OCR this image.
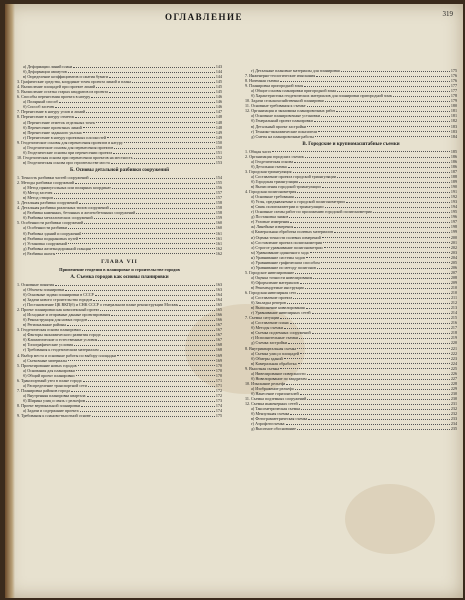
319
ОГЛАВЛЕНИЕ
а) Деформации линий плана	143
б) Деформации азимутов	144
в) Определение коэффициентов и сжатия бумаги	144
3. Графические средства, координат точек проекта линий и плана	145
4. Вычисление площадей при проекте линий	145
5. Вычисление остатка старых квадратов из проекта	145
6. Способы перенесения проекта в натуру	146
а) Полярный способ	146
б) Способ засечек	146
7. Перенесение в натуру углов и линий	147
8. Перенесение в натуру отметок	148
а) Перенесение отметок отдельных точек	148
б) Перенесение проектных линий	148
в) Перенесение заданного уклона	149
г) Перенесение в натуру проектных плоскостей	149
9. Геодезические основы для перенесения проектов в натуру	150
а) Геодезические основы для перенесения проектов	150
б) Геодезические основы при перенесении проекта	151
10. Геодезическая основа при перенесении проектов на местность	152
в) Геодезическая основа при строительстве моста	153
Б. Основы детальной разбивки сооружений
1. Точность разбивки частей сооружений	154
2. Методы разбивки сооружений	155
а) Метод прямоугольных или полярных координат	156
б) Метод засечек	157
в) Метод створов	157
3. Детальная разбивка сооружений	158
4. Детальная разбивка различных типов сооружений	158
а) Разбивка каменных, бетонных и железобетонных сооружений	158
б) Разбивка металлических сооружений	159
5. Особенности разбивки сооружений	160
а) Особенности разбивки	160
б) Разбивка зданий и сооружений	161
в) Разбивка подкрановых путей	161
г) Установка сооружений	161
д) Разбивка железнодорожной станции	162
е) Разбивка шахты	162
ГЛАВА VII
Применение геодезии в планировке и строительстве городов
А. Съемка городов как основы планировки
1. Основные понятия	163
а) Объекты планировки	163
б) Основные задачи планировки в СССР	164
в) Задачи нового строительства городов	164
г) Постановление ЦК ВКП(б) и СНК СССР о генеральном плане реконструкции Москвы	165
2. Проект планировки как комплексный проект	165
а) Исходные и отправные данные проектирования	166
б) Реконструкция для новых городов	166
в) Региональные районы	167
3. Геодезическая основа планировки	167
а) Факторы экономического развития города	167
б) Климатические и естественные условия	167
в) Топографические условия	168
г) Требования к геодезическим материалам	168
4. Выбор места и основные работы по выбору площадки	169
а) Съемочные материалы	169
5. Проектирование новых городов	170
а) Основания для планировки	170
б) Общий проект планировки	170
6. Транспортный узел в плане города	171
а) Распределение транспортной сети	171
7. Планировка районов города	172
а) Внутренняя планировка квартала	172
б) Ширина улиц и связь с рельефом	173
8. Проект вертикальной планировки	174
а) Задачи и содержание проекта	174
9. Требования к планово-высотной основе	175
г) Детальные плановые материалы для планировки	175
7. Инженерно-геологические изыскания	176
8. Наземная съемка	176
9. Планировка пригородной зоны	177
а) Общие основы планировки пригородной зоны	177
б) Характеристика геодезических материалов для планировки пригородной зоны	178
10. Задачи сельскохозяйственной планировки	179
11. Основные требования к съемке	180
12. Организация и экономика планировочных работ	181
а) Основные планировочные установки	181
б) Генеральный проект планировки	182
в) Детальный проект застройки	183
г) Технико-экономические показатели	183
д) Сметы на планировочные работы	184
В. Городские и крупномасштабные съемки
1. Общая часть	185
2. Организация городских съемок	186
а) Геодезическая основа	186
б) Детальная съемка	186
3. Городская триангуляция	187
а) Составление проекта городской триангуляции	188
б) Городская триангуляция	189
в) Вычисления городской триангуляции	190
4. Городская полигонометрия	191
а) Основные требования	192
б) Углы, предъявляемые к городской полигонометрии	193
в) Связь полигонометрии и триангуляции	194
г) Основные схемы работ по проложению городской полигонометрии	195
д) Постановка знаков	196
е) Угловые измерения	197
ж) Линейные измерения	198
з) Камеральная обработка полевых материалов	199
и) Оценка точности полевых измерений	200
к) Составление проекта полигонометрии	201
л) Строгое уравнивание полигонометрии	202
м) Уравнивание одиночного хода	203
н) Уравнивание системы ходов	204
о) Уравнивание графическим способом	205
п) Уравнивание по методу полигонов	206
5. Городское нивелирование	207
а) Оценка точности нивелирования	208
б) Оформление материалов	209
в) Рекомендуемые инструкции	210
6. Городская нивелирная сеть	210
а) Составление проекта	211
б) Закладка реперов	212
в) Выполнение нивелирования	213
г) Уравнивание нивелирных сетей	214
7. Съемка ситуации	215
а) Составление плана	216
б) Методы съемки	217
в) Съемка подземных сооружений	218
г) Исполнительные съемки	219
д) Съемка застройки	220
8. Внутриквартальная съемка	221
а) Съемка улиц и площадей	222
б) Обмеры зданий	223
в) Камеральная обработка	224
9. Высотная съемка	225
а) Нивелирование поверхности	226
б) Нивелирование по квадратам	227
10. Изыскание рельефа	228
а) Изображение рельефа	229
б) Нанесение горизонталей	230
11. Съемка подземных сооружений	230
12. Съемка инженерных сетей	231
а) Таксометрическая съемка	232
б) Мензульная съемка	232
в) Фотограмметрическая съемка	233
г) Аэрофотосъемка	234
д) Высотное обоснование	235
